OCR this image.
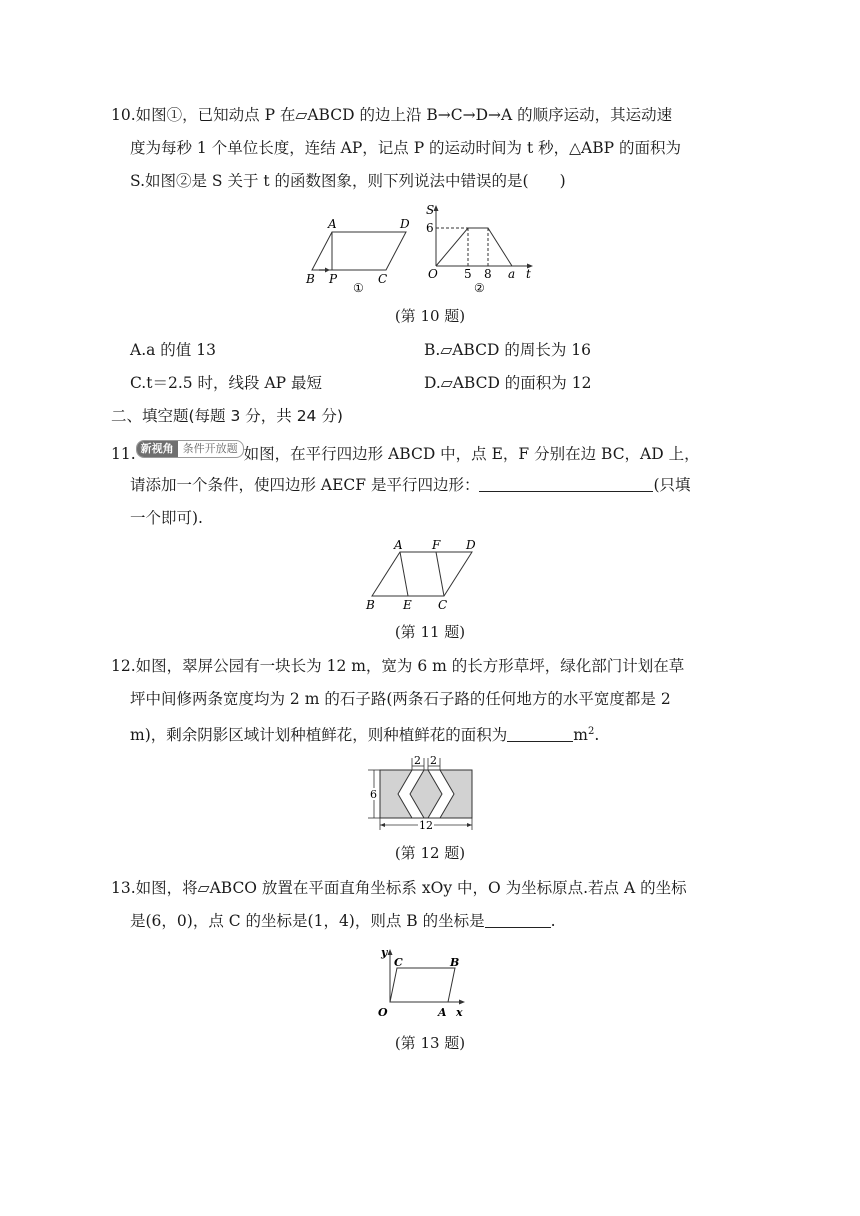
10.如图①，已知动点 P 在▱ABCD 的边上沿 B→C→D→A 的顺序运动，其运动速
度为每秒 1 个单位长度，连结 AP，记点 P 的运动时间为 t 秒，△ABP 的面积为
S.如图②是 S 关于 t 的函数图象，则下列说法中错误的是(　　)
A	D
B P	C
①
S
6
O 5 8 a t
②
(第 10 题)
A.a 的值 13	B.▱ABCD 的周长为 16
C.t＝2.5 时，线段 AP 最短	D.▱ABCD 的面积为 12
二、填空题(每题 3 分，共 24 分)
11. 新视角 条件开放题 如图，在平行四边形 ABCD 中，点 E，F 分别在边 BC，AD 上，
请添加一个条件，使四边形 AECF 是平行四边形：	(只填
一个即可).
A F D
B E C
(第 11 题)
12.如图，翠屏公园有一块长为 12 m，宽为 6 m 的长方形草坪，绿化部门计划在草
坪中间修两条宽度均为 2 m 的石子路(两条石子路的任何地方的水平宽度都是 2
m)，剩余阴影区域计划种植鲜花，则种植鲜花的面积为	$m^2$.
2 2
6
12
(第 12 题)
13.如图，将▱ABCO 放置在平面直角坐标系 xOy 中，O 为坐标原点.若点 A 的坐标
是(6，0)，点 C 的坐标是(1，4)，则点 B 的坐标是	.
y
C	B
O	A x
(第 13 题)
